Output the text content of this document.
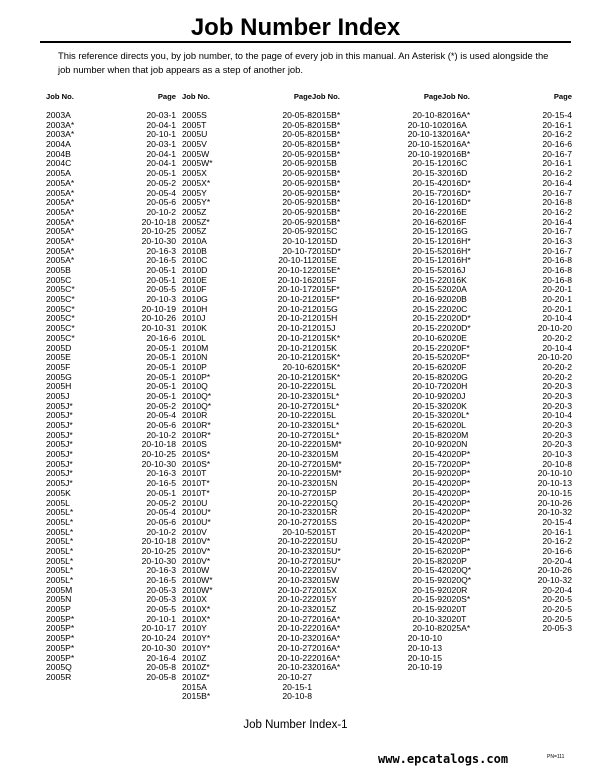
Job Number Index
This reference directs you, by job number, to the page of every job in this manual. An Asterisk (*) is used alongside the job number when that job appears as a step of another job.
Job No.	Page
2003A	20-03-1
2003A*	20-04-1
2003A*	20-10-1
2004A	20-03-1
2004B	20-04-1
2004C	20-04-1
2005A	20-05-1
2005A*	20-05-2
2005A*	20-05-4
2005A*	20-05-6
2005A*	20-10-2
2005A*	20-10-18
2005A*	20-10-25
2005A*	20-10-30
2005A*	20-16-3
2005A*	20-16-5
2005B	20-05-1
2005C	20-05-1
2005C*	20-05-5
2005C*	20-10-3
2005C*	20-10-19
2005C*	20-10-26
2005C*	20-10-31
2005C*	20-16-6
2005D	20-05-1
2005E	20-05-1
2005F	20-05-1
2005G	20-05-1
2005H	20-05-1
2005J	20-05-1
2005J*	20-05-2
2005J*	20-05-4
2005J*	20-05-6
2005J*	20-10-2
2005J*	20-10-18
2005J*	20-10-25
2005J*	20-10-30
2005J*	20-16-3
2005J*	20-16-5
2005K	20-05-1
2005L	20-05-2
2005L*	20-05-4
2005L*	20-05-6
2005L*	20-10-2
2005L*	20-10-18
2005L*	20-10-25
2005L*	20-10-30
2005L*	20-16-3
2005L*	20-16-5
2005M	20-05-3
2005N	20-05-3
2005P	20-05-5
2005P*	20-10-1
2005P*	20-10-17
2005P*	20-10-24
2005P*	20-10-30
2005P*	20-16-4
2005Q	20-05-8
2005R	20-05-8
Job No.	Page
2005S	20-05-8
2005T	20-05-8
2005U	20-05-8
2005V	20-05-8
2005W	20-05-9
2005W*	20-05-9
2005X	20-05-9
2005X*	20-05-9
2005Y	20-05-9
2005Y*	20-05-9
2005Z	20-05-9
2005Z*	20-05-9
2005Z	20-05-9
2010A	20-10-1
2010B	20-10-7
2010C	20-10-11
2010D	20-10-12
2010E	20-10-16
2010F	20-10-17
2010G	20-10-21
2010H	20-10-21
2010J	20-10-21
2010K	20-10-21
2010L	20-10-21
2010M	20-10-21
2010N	20-10-21
2010P	20-10-6
2010P*	20-10-21
2010Q	20-10-22
2010Q*	20-10-23
2010Q*	20-10-27
2010R	20-10-22
2010R*	20-10-23
2010R*	20-10-27
2010S	20-10-22
2010S*	20-10-23
2010S*	20-10-27
2010T	20-10-22
2010T*	20-10-23
2010T*	20-10-27
2010U	20-10-22
2010U*	20-10-23
2010U*	20-10-27
2010V	20-10-5
2010V*	20-10-22
2010V*	20-10-23
2010V*	20-10-27
2010W	20-10-22
2010W*	20-10-23
2010W*	20-10-27
2010X	20-10-22
2010X*	20-10-23
2010X*	20-10-27
2010Y	20-10-22
2010Y*	20-10-23
2010Y*	20-10-27
2010Z	20-10-22
2010Z*	20-10-23
2010Z*	20-10-27
2015A	20-15-1
2015B*	20-10-8
Job No.	Page
2015B*	20-10-8
2015B*	20-10-10
2015B*	20-10-13
2015B*	20-10-15
2015B*	20-10-19
2015B	20-15-1
2015B*	20-15-3
2015B*	20-15-4
2015B*	20-15-7
2015B*	20-16-1
2015B*	20-16-2
2015B*	20-16-6
2015C	20-15-1
2015D	20-15-1
2015D*	20-15-5
2015E	20-15-1
2015E*	20-15-5
2015F	20-15-2
2015F*	20-15-5
2015F*	20-16-9
2015G	20-15-2
2015H	20-15-2
2015J	20-15-2
2015K*	20-10-6
2015K	20-15-2
2015K*	20-15-5
2015K*	20-15-6
2015K*	20-15-8
2015L	20-10-7
2015L*	20-10-9
2015L*	20-15-3
2015L	20-15-3
2015L*	20-15-6
2015L*	20-15-8
2015M*	20-10-9
2015M	20-15-4
2015M*	20-15-7
2015M*	20-15-9
2015N	20-15-4
2015P	20-15-4
2015Q	20-15-4
2015R	20-15-4
2015S	20-15-4
2015T	20-15-4
2015U	20-15-4
2015U*	20-15-6
2015U*	20-15-8
2015V	20-15-4
2015W	20-15-9
2015X	20-15-9
2015Y	20-15-9
2015Z	20-15-9
2016A*	20-10-3
2016A*	20-10-8
2016A*	20-10-10
2016A*	20-10-13
2016A*	20-10-15
2016A*	20-10-19
Job No.	Page
2016A*	20-15-4
2016A	20-16-1
2016A*	20-16-2
2016A*	20-16-6
2016B*	20-16-7
2016C	20-16-1
2016D	20-16-2
2016D*	20-16-4
2016D*	20-16-7
2016D*	20-16-8
2016E	20-16-2
2016F	20-16-4
2016G	20-16-7
2016H*	20-16-3
2016H*	20-16-7
2016H*	20-16-8
2016J	20-16-8
2016K	20-16-8
2020A	20-20-1
2020B	20-20-1
2020C	20-20-1
2020D*	20-10-4
2020D*	20-10-20
2020E	20-20-2
2020F*	20-10-4
2020F*	20-10-20
2020F	20-20-2
2020G	20-20-2
2020H	20-20-3
2020J	20-20-3
2020K	20-20-3
2020L*	20-10-4
2020L	20-20-3
2020M	20-20-3
2020N	20-20-3
2020P*	20-10-3
2020P*	20-10-8
2020P*	20-10-10
2020P*	20-10-13
2020P*	20-10-15
2020P*	20-10-26
2020P*	20-10-32
2020P*	20-15-4
2020P*	20-16-1
2020P*	20-16-2
2020P*	20-16-6
2020P	20-20-4
2020Q*	20-10-26
2020Q*	20-10-32
2020R	20-20-4
2020S*	20-20-5
2020T	20-20-5
2020T	20-20-5
2025A*	20-05-3
Job Number Index-1
www.epcatalogs.com	PN=111
